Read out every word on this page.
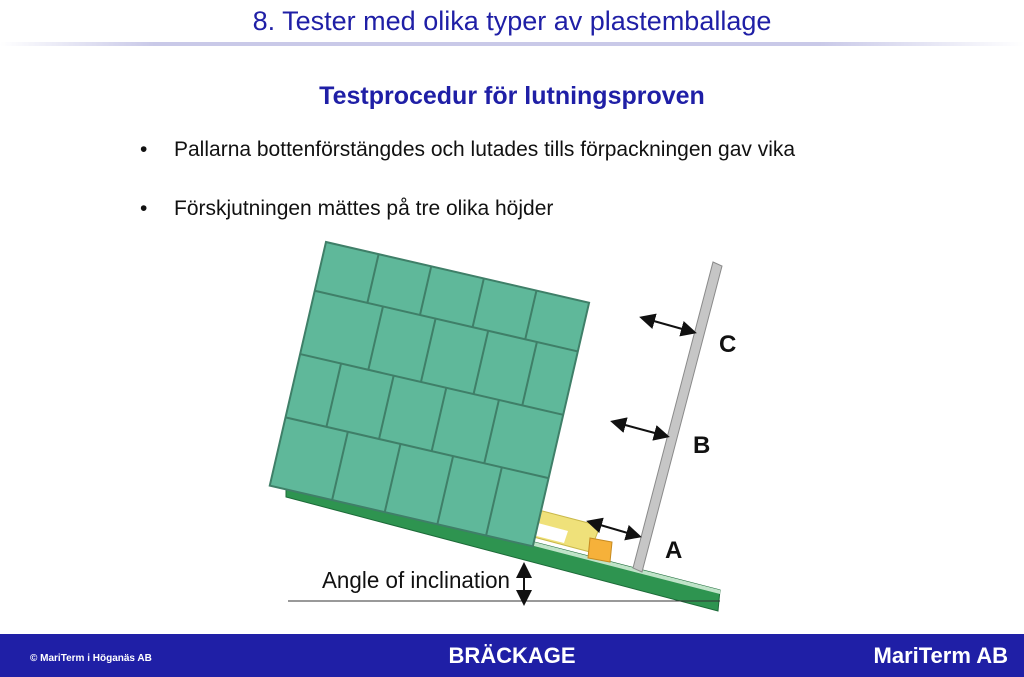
8. Tester med olika typer av plastemballage
Testprocedur för lutningsproven
• Pallarna bottenförstängdes och lutades tills förpackningen gav vika
• Förskjutningen mättes på tre olika höjder
C
B
A
Angle of inclination
© MariTerm i Höganäs AB	BRÄCKAGE	MariTerm AB
